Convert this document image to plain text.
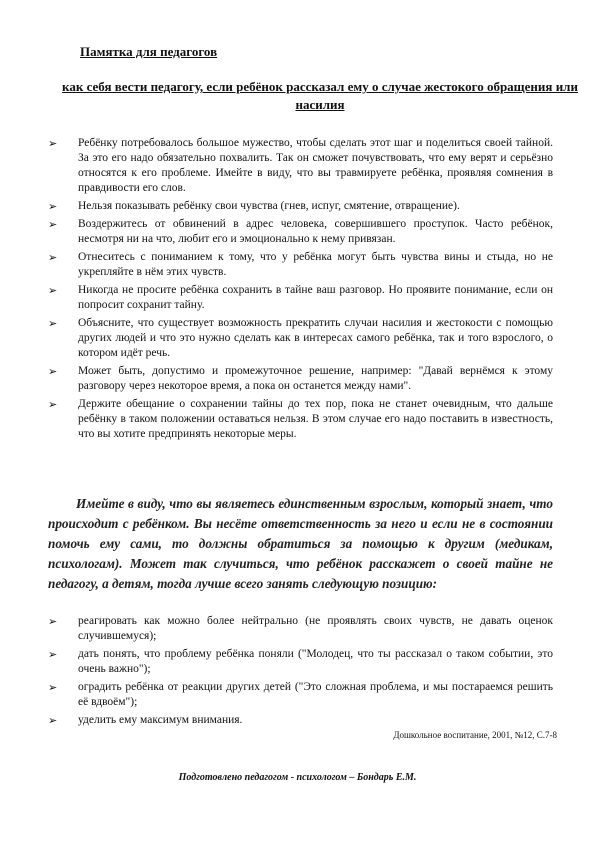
Памятка для педагогов

как себя вести педагогу, если ребёнок рассказал ему о случае жестокого обращения или насилия

➢ Ребёнку потребовалось большое мужество, чтобы сделать этот шаг и поделиться своей тайной. За это его надо обязательно похвалить. Так он сможет почувствовать, что ему верят и серьёзно относятся к его проблеме. Имейте в виду, что вы травмируете ребёнка, проявляя сомнения в правдивости его слов.
➢ Нельзя показывать ребёнку свои чувства (гнев, испуг, смятение, отвращение).
➢ Воздержитесь от обвинений в адрес человека, совершившего проступок. Часто ребёнок, несмотря ни на что, любит его и эмоционально к нему привязан.
➢ Отнеситесь с пониманием к тому, что у ребёнка могут быть чувства вины и стыда, но не укрепляйте в нём этих чувств.
➢ Никогда не просите ребёнка сохранить в тайне ваш разговор. Но проявите понимание, если он попросит сохранит тайну.
➢ Объясните, что существует возможность прекратить случаи насилия и жестокости с помощью других людей и что это нужно сделать как в интересах самого ребёнка, так и того взрослого, о котором идёт речь.
➢ Может быть, допустимо и промежуточное решение, например: "Давай вернёмся к этому разговору через некоторое время, а пока он останется между нами".
➢ Держите обещание о сохранении тайны до тех пор, пока не станет очевидным, что дальше ребёнку в таком положении оставаться нельзя. В этом случае его надо поставить в известность, что вы хотите предпринять некоторые меры.

Имейте в виду, что вы являетесь единственным взрослым, который знает, что происходит с ребёнком. Вы несёте ответственность за него и если не в состоянии помочь ему сами, то должны обратиться за помощью к другим (медикам, психологам). Может так случиться, что ребёнок расскажет о своей тайне не педагогу, а детям, тогда лучше всего занять следующую позицию:

➢ реагировать как можно более нейтрально (не проявлять своих чувств, не давать оценок случившемуся);
➢ дать понять, что проблему ребёнка поняли ("Молодец, что ты рассказал о таком событии, это очень важно");
➢ оградить ребёнка от реакции других детей ("Это сложная проблема, и мы постараемся решить её вдвоём");
➢ уделить ему максимум внимания.

Дошкольное воспитание, 2001, №12, С.7-8

Подготовлено педагогом - психологом – Бондарь Е.М.
